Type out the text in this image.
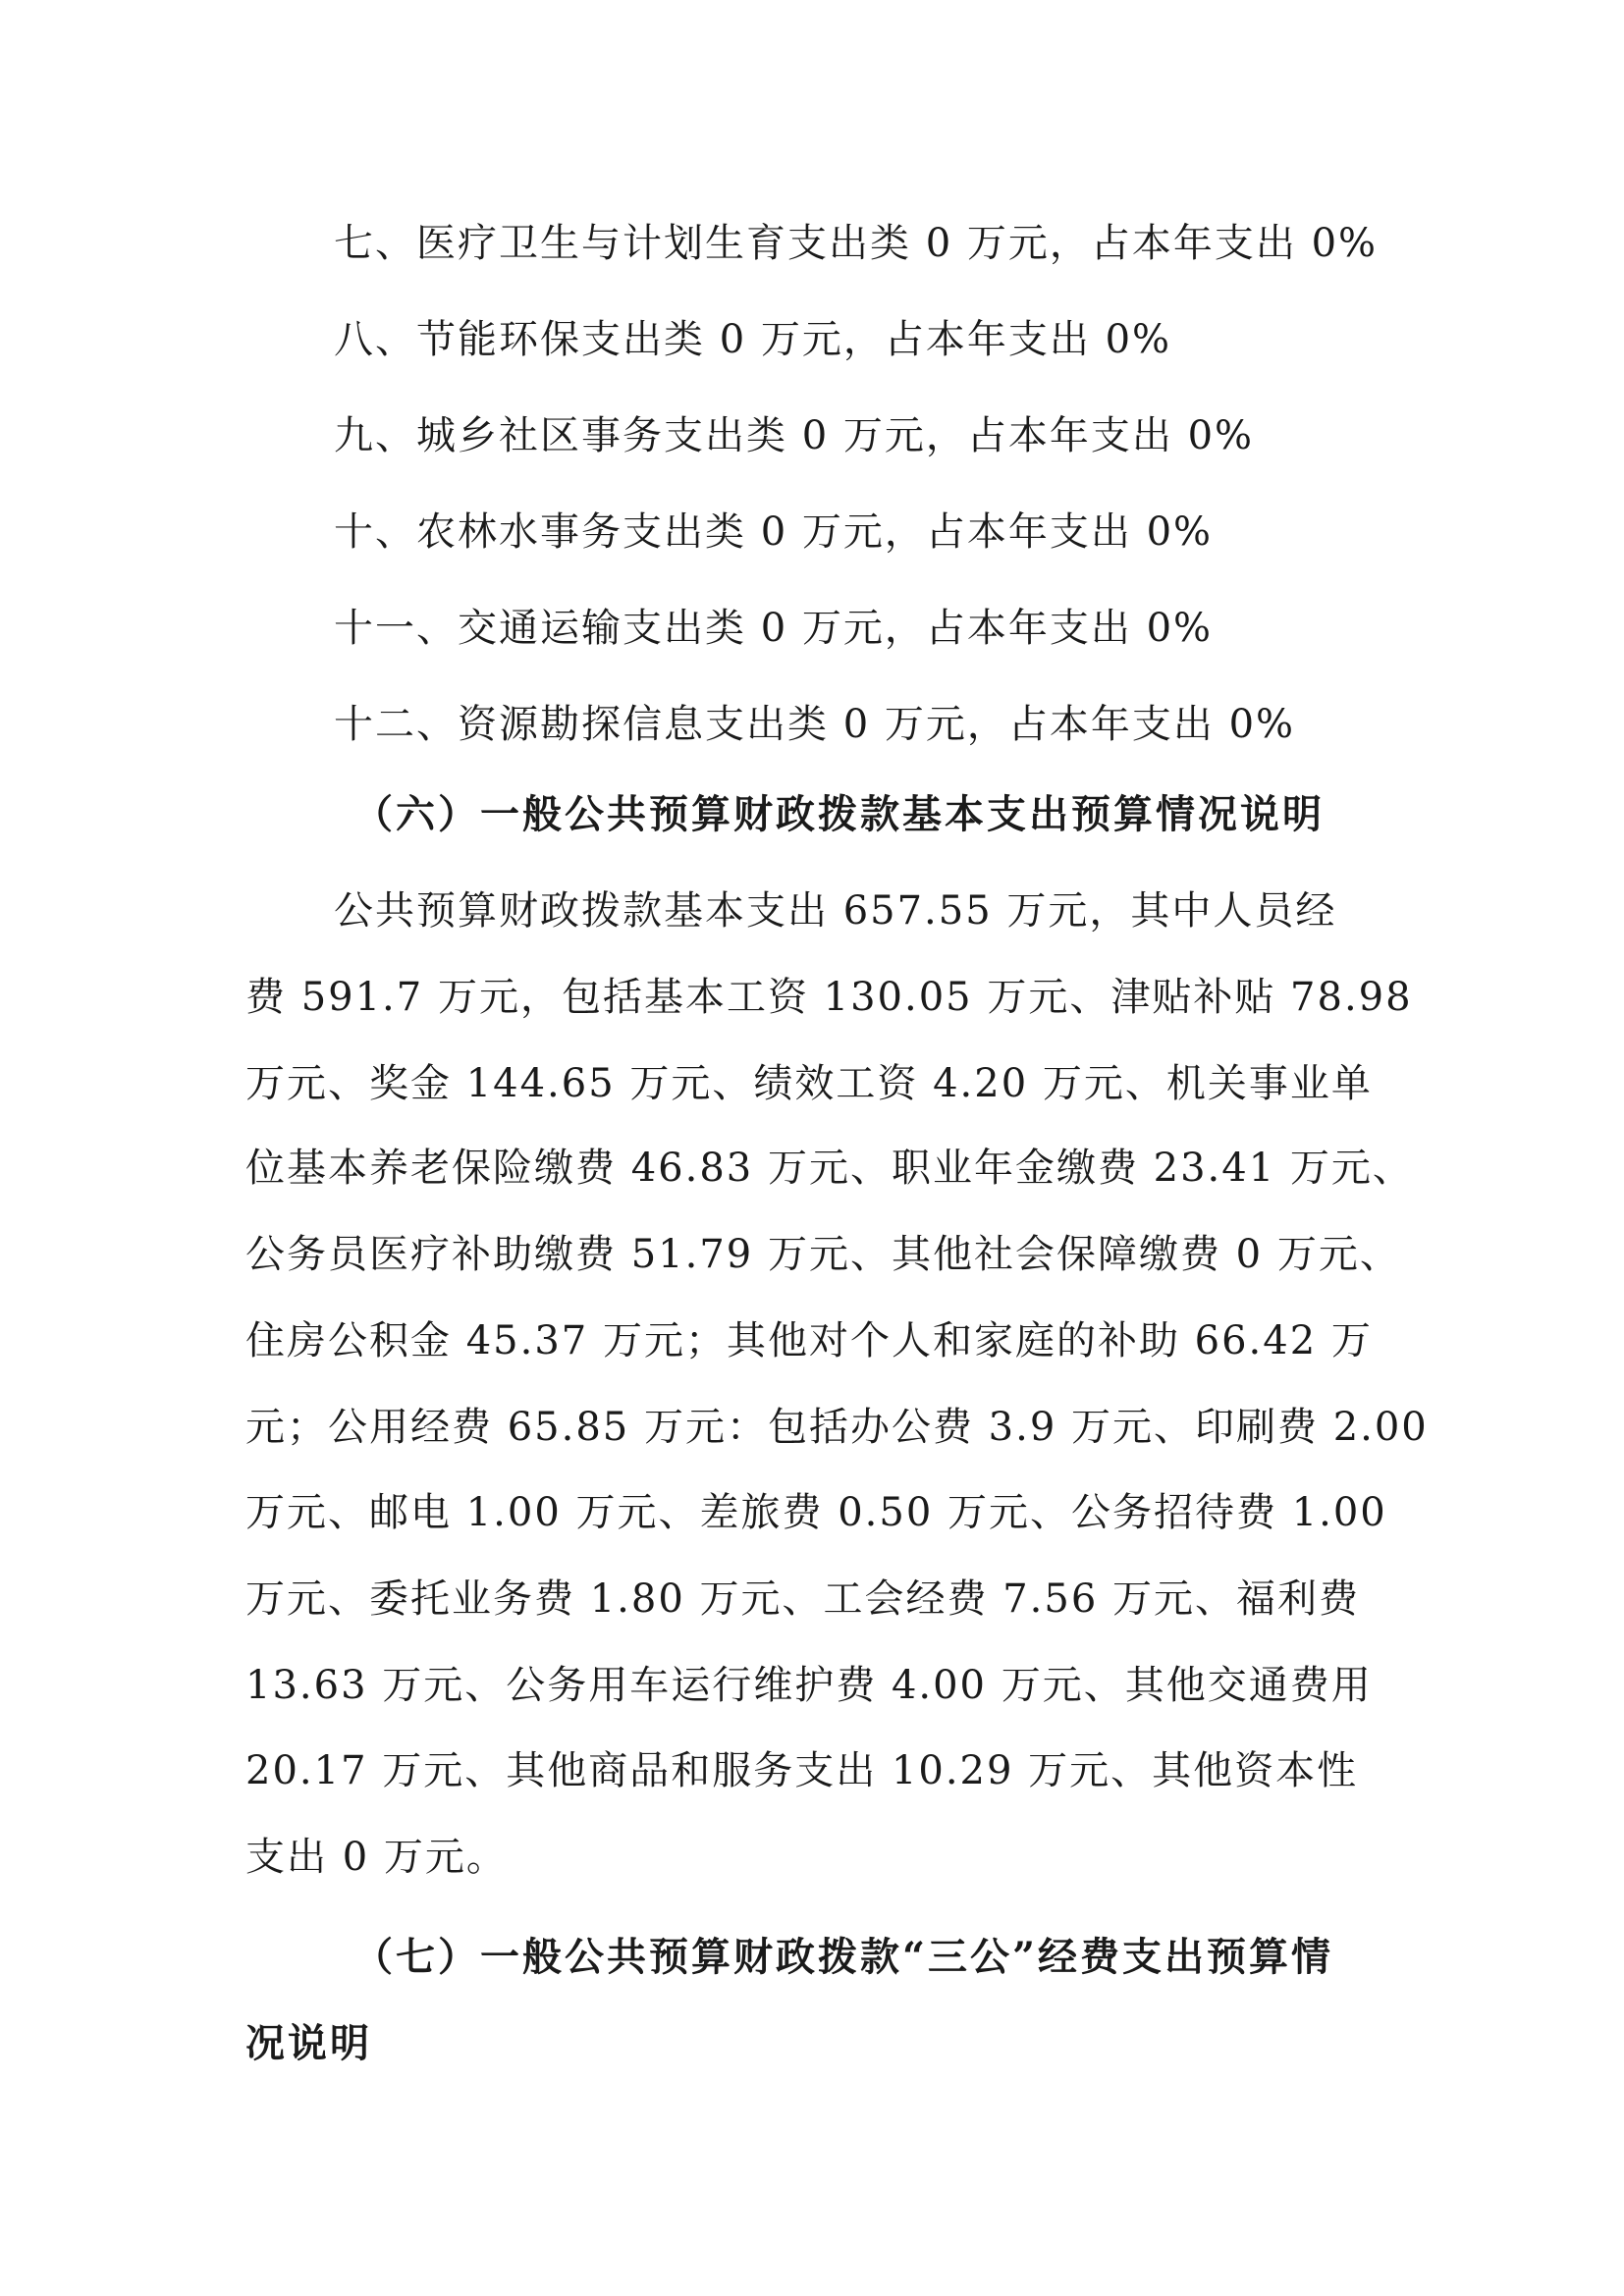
七、医疗卫生与计划生育支出类 0 万元，占本年支出 0%
八、节能环保支出类 0 万元，占本年支出 0%
九、城乡社区事务支出类 0 万元，占本年支出 0%
十、农林水事务支出类 0 万元，占本年支出 0%
十一、交通运输支出类 0 万元，占本年支出 0%
十二、资源勘探信息支出类 0 万元，占本年支出 0%
（六）一般公共预算财政拨款基本支出预算情况说明
公共预算财政拨款基本支出 657.55 万元，其中人员经
费 591.7 万元，包括基本工资 130.05 万元、津贴补贴 78.98
万元、奖金 144.65 万元、绩效工资 4.20 万元、机关事业单
位基本养老保险缴费 46.83 万元、职业年金缴费 23.41 万元、
公务员医疗补助缴费 51.79 万元、其他社会保障缴费 0 万元、
住房公积金 45.37 万元；其他对个人和家庭的补助 66.42 万
元；公用经费 65.85 万元：包括办公费 3.9 万元、印刷费 2.00
万元、邮电 1.00 万元、差旅费 0.50 万元、公务招待费 1.00
万元、委托业务费 1.80 万元、工会经费 7.56 万元、福利费
13.63 万元、公务用车运行维护费 4.00 万元、其他交通费用
20.17 万元、其他商品和服务支出 10.29 万元、其他资本性
支出 0 万元。
（七）一般公共预算财政拨款“三公”经费支出预算情
况说明
